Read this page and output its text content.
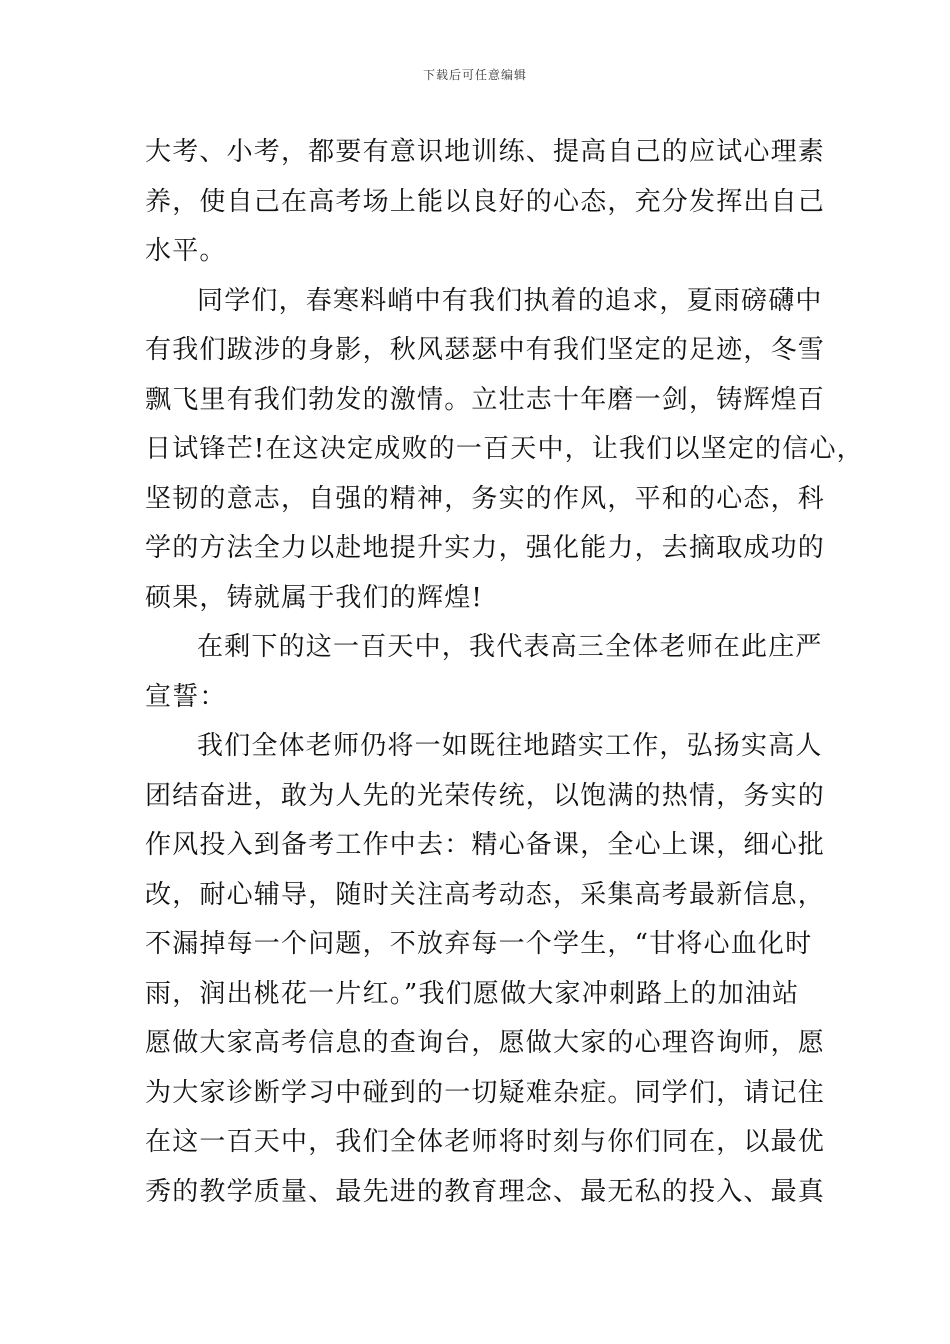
下载后可任意编辑
大考、小考，都要有意识地训练、提高自己的应试心理素
养，使自己在高考场上能以良好的心态，充分发挥出自己
水平。
同学们，春寒料峭中有我们执着的追求，夏雨磅礴中
有我们跋涉的身影，秋风瑟瑟中有我们坚定的足迹，冬雪
飘飞里有我们勃发的激情。立壮志十年磨一剑，铸辉煌百
日试锋芒!在这决定成败的一百天中，让我们以坚定的信心，
坚韧的意志，自强的精神，务实的作风，平和的心态，科
学的方法全力以赴地提升实力，强化能力，去摘取成功的
硕果，铸就属于我们的辉煌!
在剩下的这一百天中，我代表高三全体老师在此庄严
宣誓：
我们全体老师仍将一如既往地踏实工作，弘扬实高人
团结奋进，敢为人先的光荣传统，以饱满的热情，务实的
作风投入到备考工作中去：精心备课，全心上课，细心批
改，耐心辅导，随时关注高考动态，采集高考最新信息，
不漏掉每一个问题，不放弃每一个学生，“甘将心血化时
雨，润出桃花一片红。”我们愿做大家冲刺路上的加油站
愿做大家高考信息的查询台，愿做大家的心理咨询师，愿
为大家诊断学习中碰到的一切疑难杂症。同学们，请记住
在这一百天中，我们全体老师将时刻与你们同在，以最优
秀的教学质量、最先进的教育理念、最无私的投入、最真
